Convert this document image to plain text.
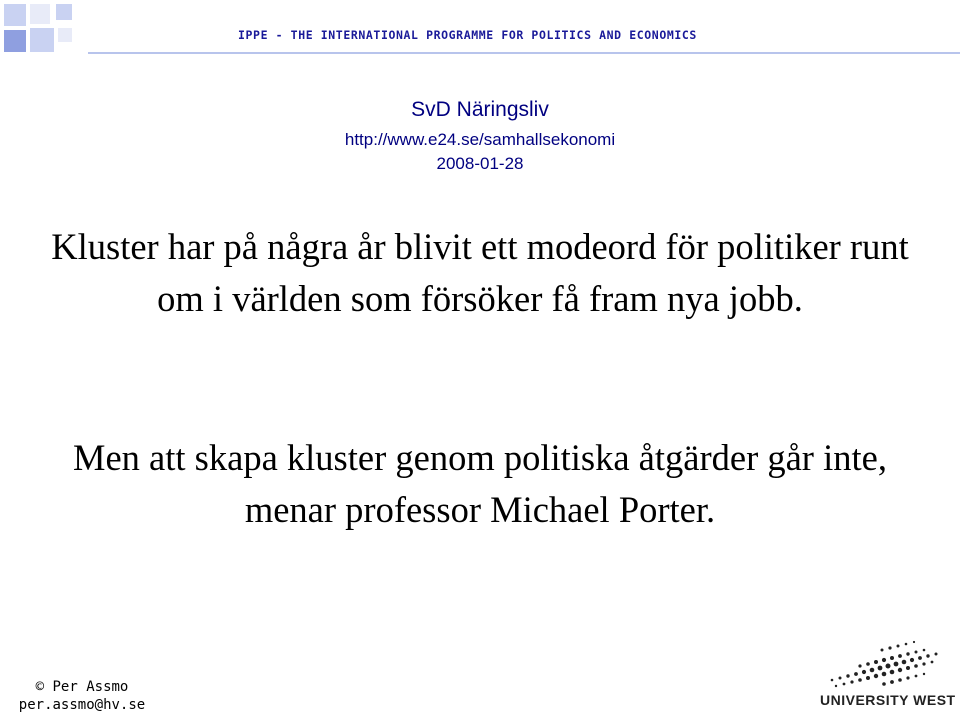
IPPE - THE INTERNATIONAL PROGRAMME FOR POLITICS AND ECONOMICS
SvD Näringsliv
http://www.e24.se/samhallsekonomi
2008-01-28
Kluster har på några år blivit ett modeord för politiker runt om i världen som försöker få fram nya jobb.
Men att skapa kluster genom politiska åtgärder går inte, menar professor Michael Porter.
© Per Assmo
per.assmo@hv.se	UNIVERSITY WEST
